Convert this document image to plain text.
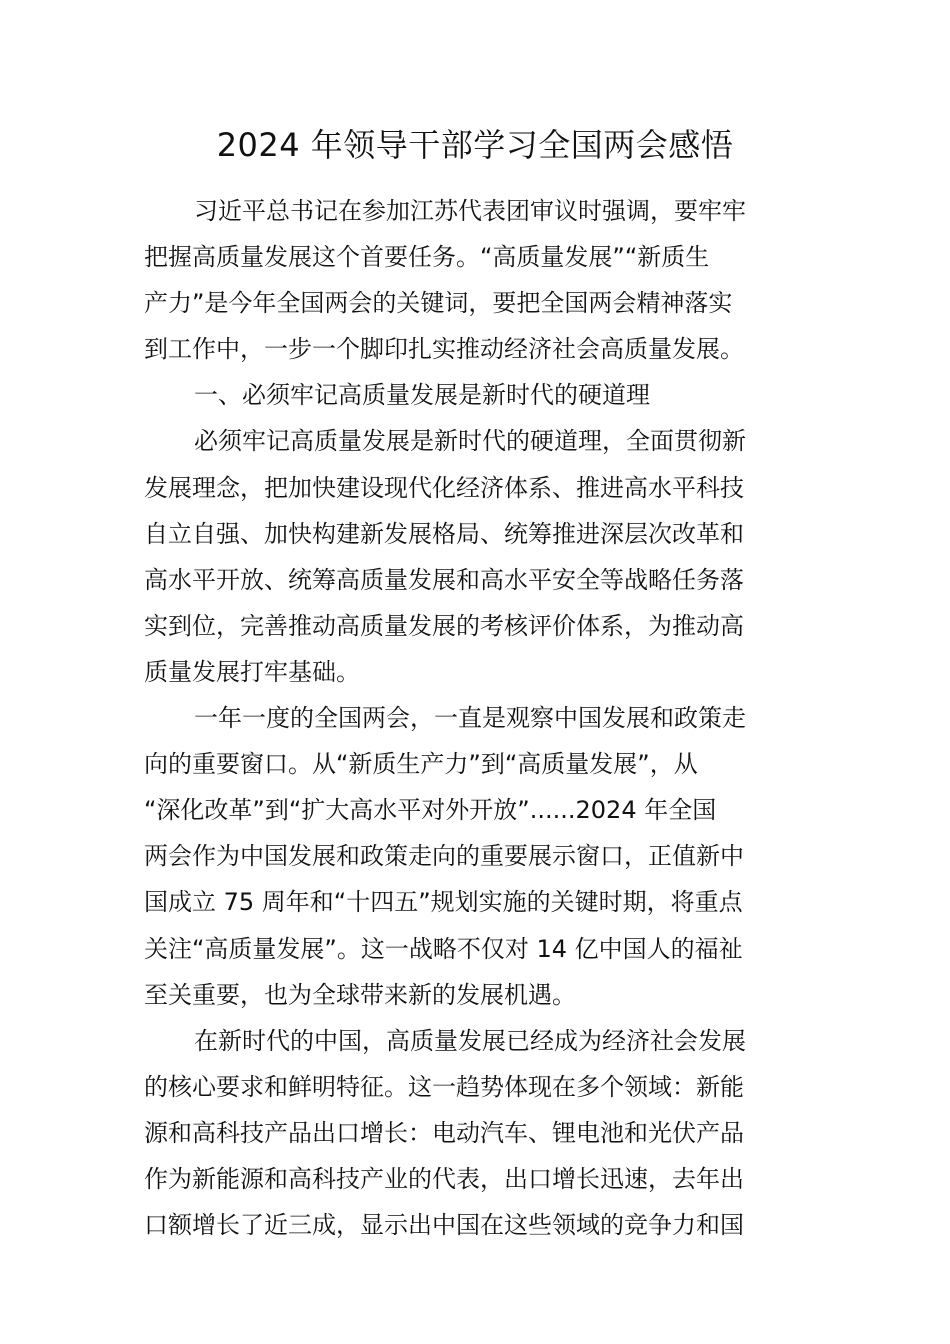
2024 年领导干部学习全国两会感悟
习近平总书记在参加江苏代表团审议时强调，要牢牢
把握高质量发展这个首要任务。“高质量发展”“新质生
产力”是今年全国两会的关键词，要把全国两会精神落实
到工作中，一步一个脚印扎实推动经济社会高质量发展。
一、必须牢记高质量发展是新时代的硬道理
必须牢记高质量发展是新时代的硬道理，全面贯彻新
发展理念，把加快建设现代化经济体系、推进高水平科技
自立自强、加快构建新发展格局、统筹推进深层次改革和
高水平开放、统筹高质量发展和高水平安全等战略任务落
实到位，完善推动高质量发展的考核评价体系，为推动高
质量发展打牢基础。
一年一度的全国两会，一直是观察中国发展和政策走
向的重要窗口。从“新质生产力”到“高质量发展”，从
“深化改革”到“扩大高水平对外开放”......2024 年全国
两会作为中国发展和政策走向的重要展示窗口，正值新中
国成立 75 周年和“十四五”规划实施的关键时期，将重点
关注“高质量发展”。这一战略不仅对 14 亿中国人的福祉
至关重要，也为全球带来新的发展机遇。
在新时代的中国，高质量发展已经成为经济社会发展
的核心要求和鲜明特征。这一趋势体现在多个领域：新能
源和高科技产品出口增长：电动汽车、锂电池和光伏产品
作为新能源和高科技产业的代表，出口增长迅速，去年出
口额增长了近三成，显示出中国在这些领域的竞争力和国
